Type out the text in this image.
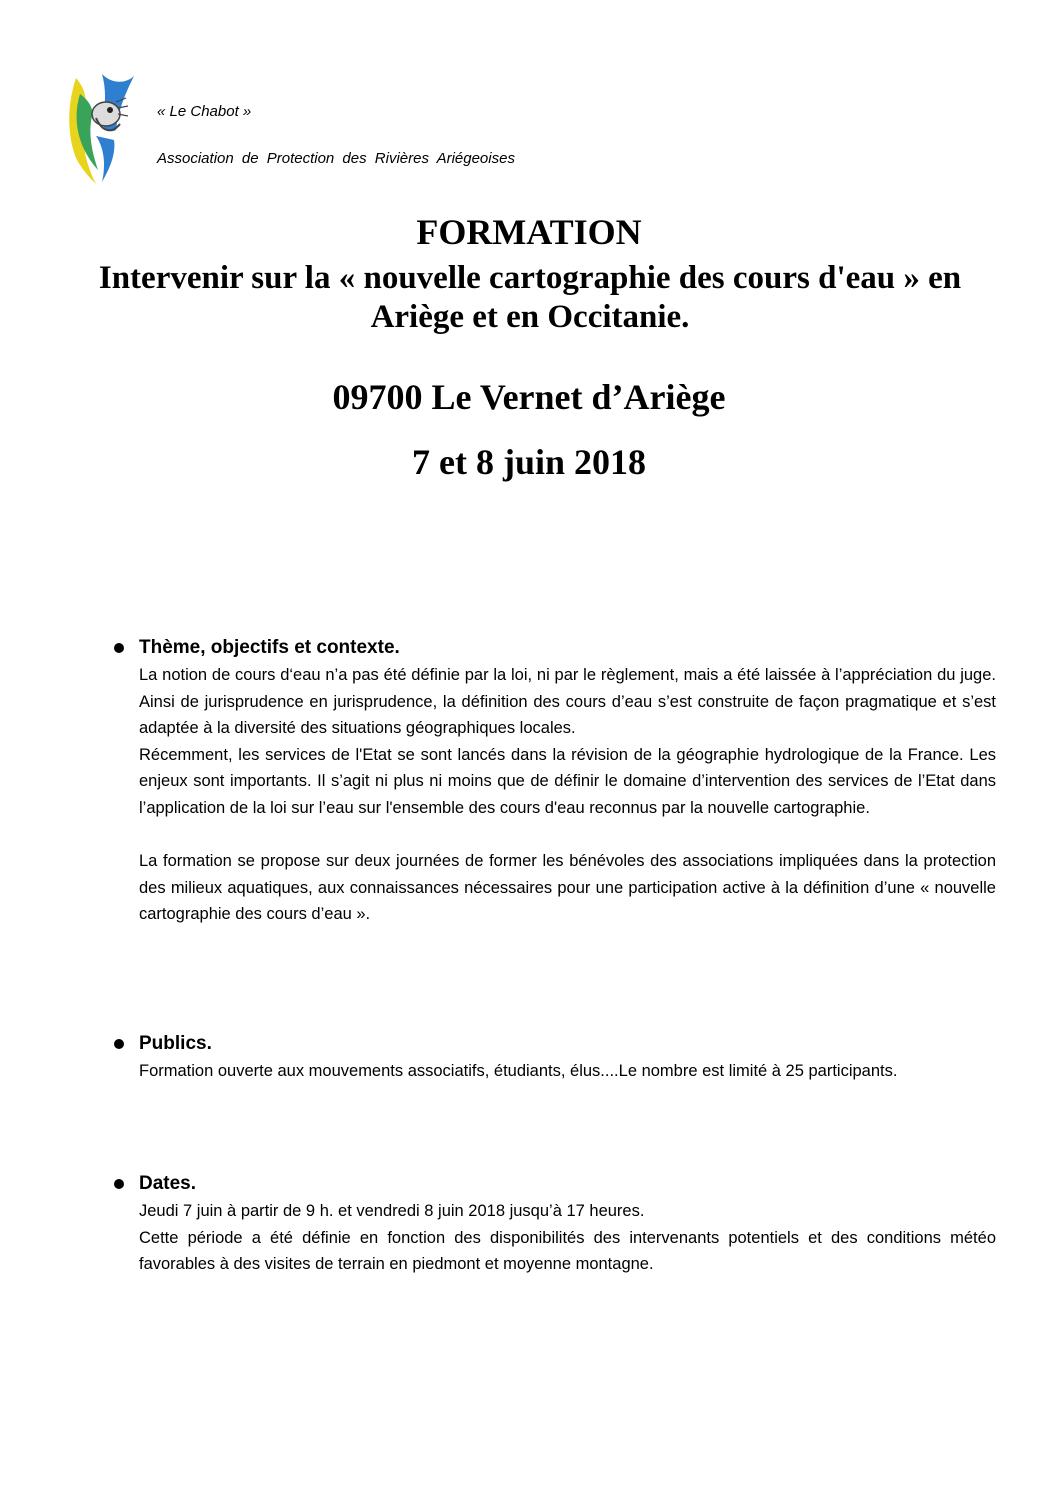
« Le Chabot »
Association de Protection des Rivières Ariégeoises
FORMATION
Intervenir sur la « nouvelle cartographie des cours d'eau » en Ariège et en Occitanie.
09700 Le Vernet d’Ariège
7 et 8 juin 2018
Thème, objectifs et contexte.

La notion de cours d‘eau n’a pas été définie par la loi, ni par le règlement, mais a été laissée à l’appréciation du juge. Ainsi de jurisprudence en jurisprudence, la définition des cours d’eau s’est construite de façon pragmatique et s’est adaptée à la diversité des situations géographiques locales.

Récemment, les services de l'Etat se sont lancés dans la révision de la géographie hydrologique de la France. Les enjeux sont importants. Il s’agit ni plus ni moins que de définir le domaine d’intervention des services de l’Etat dans l’application de la loi sur l’eau sur l'ensemble des cours d'eau reconnus par la nouvelle cartographie.

La formation se propose sur deux journées de former les bénévoles des associations impliquées dans la protection des milieux aquatiques, aux connaissances nécessaires pour une participation active à la définition d’une « nouvelle cartographie des cours d’eau ».

Publics.

Formation ouverte aux mouvements associatifs, étudiants, élus....Le nombre est limité à 25 participants.

Dates.

Jeudi 7 juin à partir de 9 h. et vendredi 8 juin 2018 jusqu’à 17 heures.

Cette période a été définie en fonction des disponibilités des intervenants potentiels et des conditions météo favorables à des visites de terrain en piedmont et moyenne montagne.
